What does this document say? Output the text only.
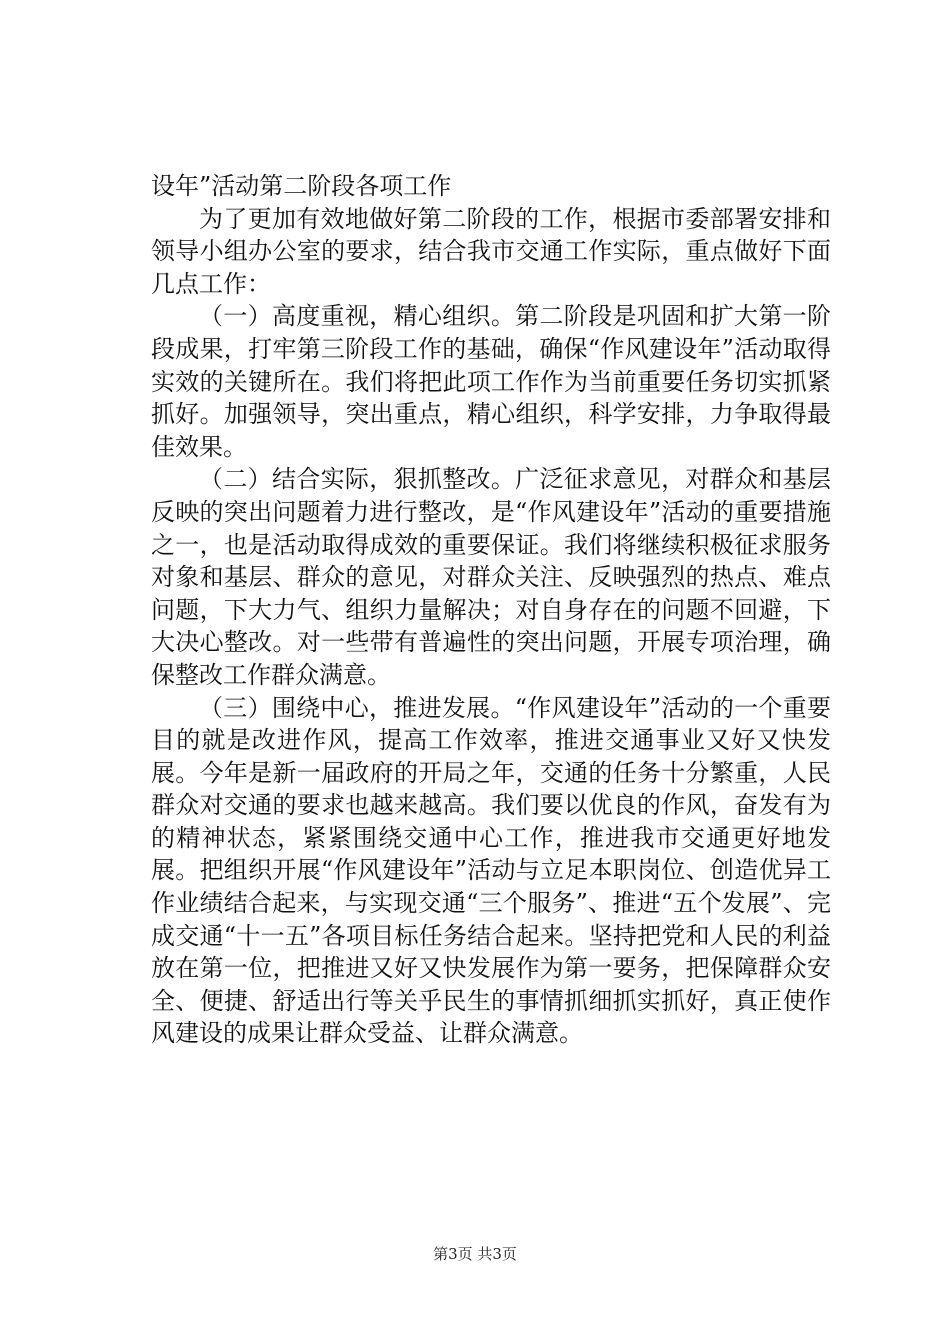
设年”活动第二阶段各项工作

为了更加有效地做好第二阶段的工作，根据市委部署安排和领导小组办公室的要求，结合我市交通工作实际，重点做好下面几点工作：

（一）高度重视，精心组织。第二阶段是巩固和扩大第一阶段成果，打牢第三阶段工作的基础，确保“作风建设年”活动取得实效的关键所在。我们将把此项工作作为当前重要任务切实抓紧抓好。加强领导，突出重点，精心组织，科学安排，力争取得最佳效果。

（二）结合实际，狠抓整改。广泛征求意见，对群众和基层反映的突出问题着力进行整改，是“作风建设年”活动的重要措施之一，也是活动取得成效的重要保证。我们将继续积极征求服务对象和基层、群众的意见，对群众关注、反映强烈的热点、难点问题，下大力气、组织力量解决；对自身存在的问题不回避，下大决心整改。对一些带有普遍性的突出问题，开展专项治理，确保整改工作群众满意。

（三）围绕中心，推进发展。“作风建设年”活动的一个重要目的就是改进作风，提高工作效率，推进交通事业又好又快发展。今年是新一届政府的开局之年，交通的任务十分繁重，人民群众对交通的要求也越来越高。我们要以优良的作风，奋发有为的精神状态，紧紧围绕交通中心工作，推进我市交通更好地发展。把组织开展“作风建设年”活动与立足本职岗位、创造优异工作业绩结合起来，与实现交通“三个服务”、推进“五个发展”、完成交通“十一五”各项目标任务结合起来。坚持把党和人民的利益放在第一位，把推进又好又快发展作为第一要务，把保障群众安全、便捷、舒适出行等关乎民生的事情抓细抓实抓好，真正使作风建设的成果让群众受益、让群众满意。

第3页 共3页
